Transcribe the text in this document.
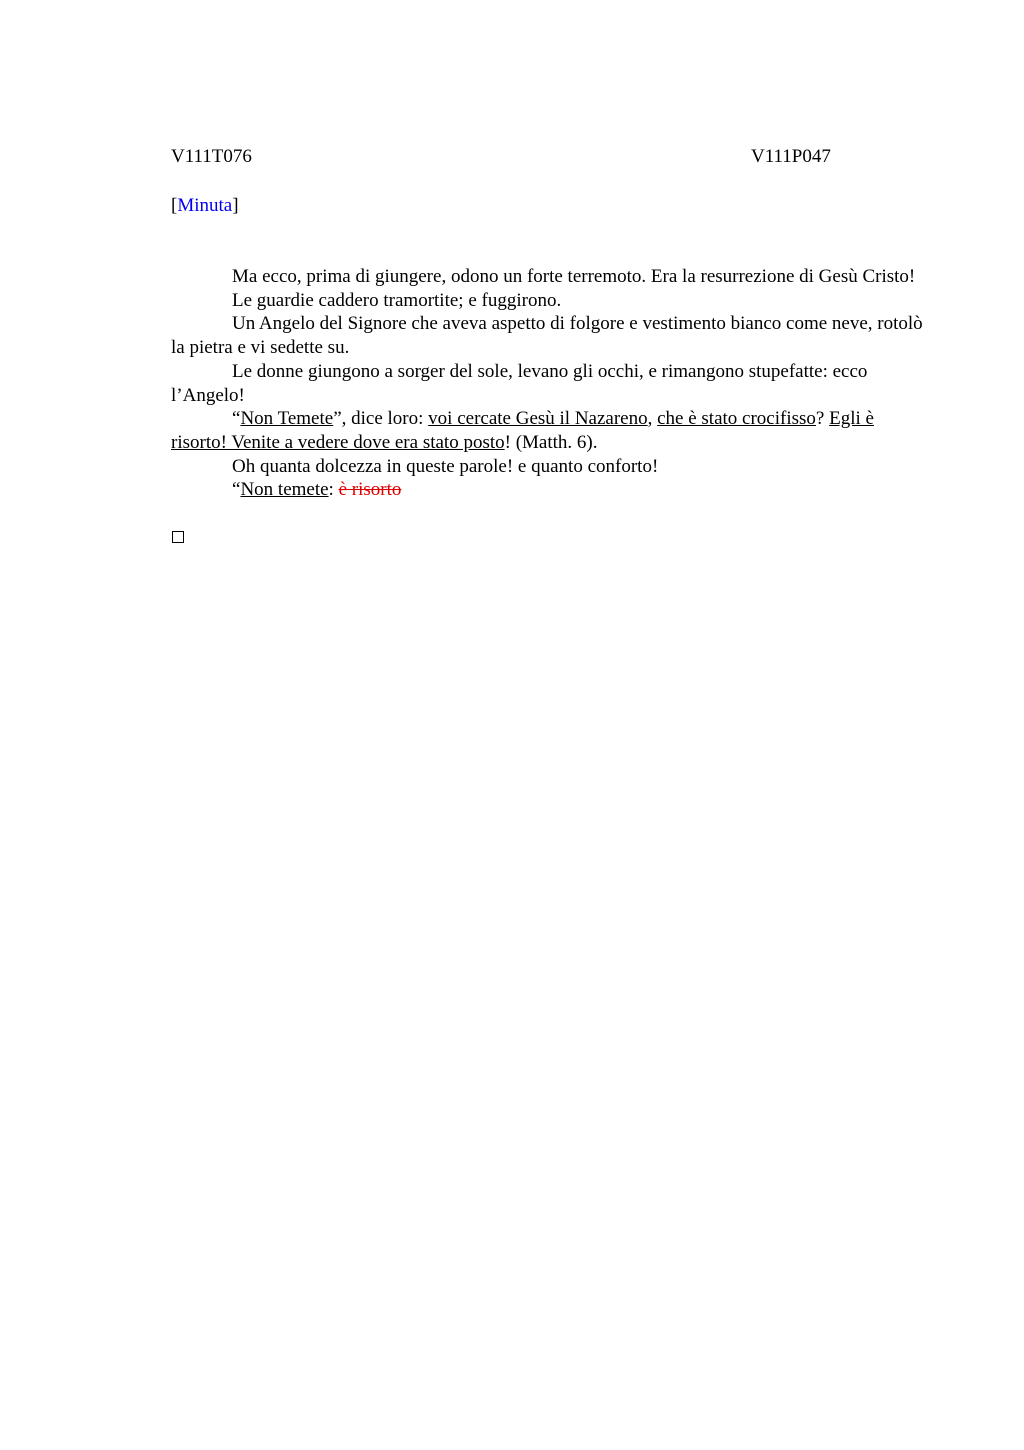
V111T076	V111P047
[Minuta]

Ma ecco, prima di giungere, odono un forte terremoto. Era la resurrezione di Gesù Cristo!

Le guardie caddero tramortite; e fuggirono.

Un Angelo del Signore che aveva aspetto di folgore e vestimento bianco come neve, rotolò la pietra e vi sedette su.

Le donne giungono a sorger del sole, levano gli occhi, e rimangono stupefatte: ecco l’Angelo!

“Non Temete”, dice loro: voi cercate Gesù il Nazareno, che è stato crocifisso? Egli è risorto! Venite a vedere dove era stato posto! (Matth. 6).

Oh quanta dolcezza in queste parole! e quanto conforto!

“Non temete: è risorto
